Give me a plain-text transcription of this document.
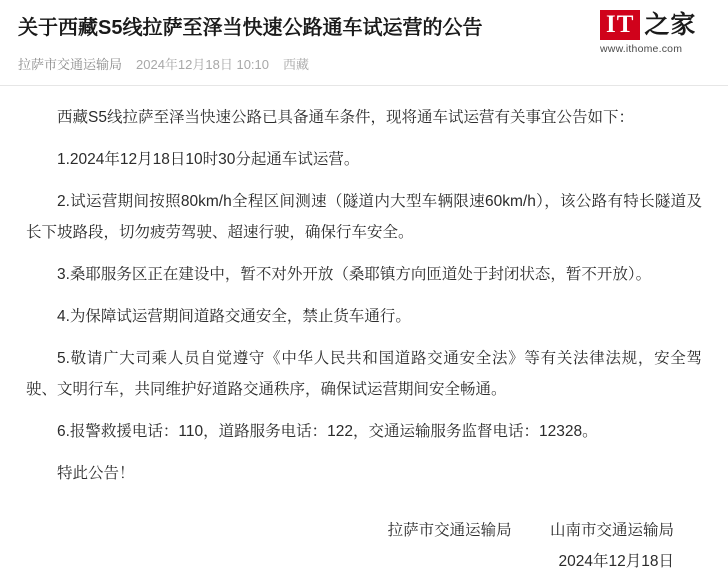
关于西藏S5线拉萨至泽当快速公路通车试运营的公告
拉萨市交通运输局 2024年12月18日 10:10 西藏
IT 之家
www.ithome.com

西藏S5线拉萨至泽当快速公路已具备通车条件，现将通车试运营有关事宜公告如下：

1.2024年12月18日10时30分起通车试运营。

2.试运营期间按照80km/h全程区间测速（隧道内大型车辆限速60km/h），该公路有特长隧道及长下坡路段，切勿疲劳驾驶、超速行驶，确保行车安全。

3.桑耶服务区正在建设中，暂不对外开放（桑耶镇方向匝道处于封闭状态，暂不开放）。

4.为保障试运营期间道路交通安全，禁止货车通行。

5.敬请广大司乘人员自觉遵守《中华人民共和国道路交通安全法》等有关法律法规，安全驾驶、文明行车，共同维护好道路交通秩序，确保试运营期间安全畅通。

6.报警救援电话：110，道路服务电话：122，交通运输服务监督电话：12328。

特此公告！

拉萨市交通运输局 山南市交通运输局
2024年12月18日
